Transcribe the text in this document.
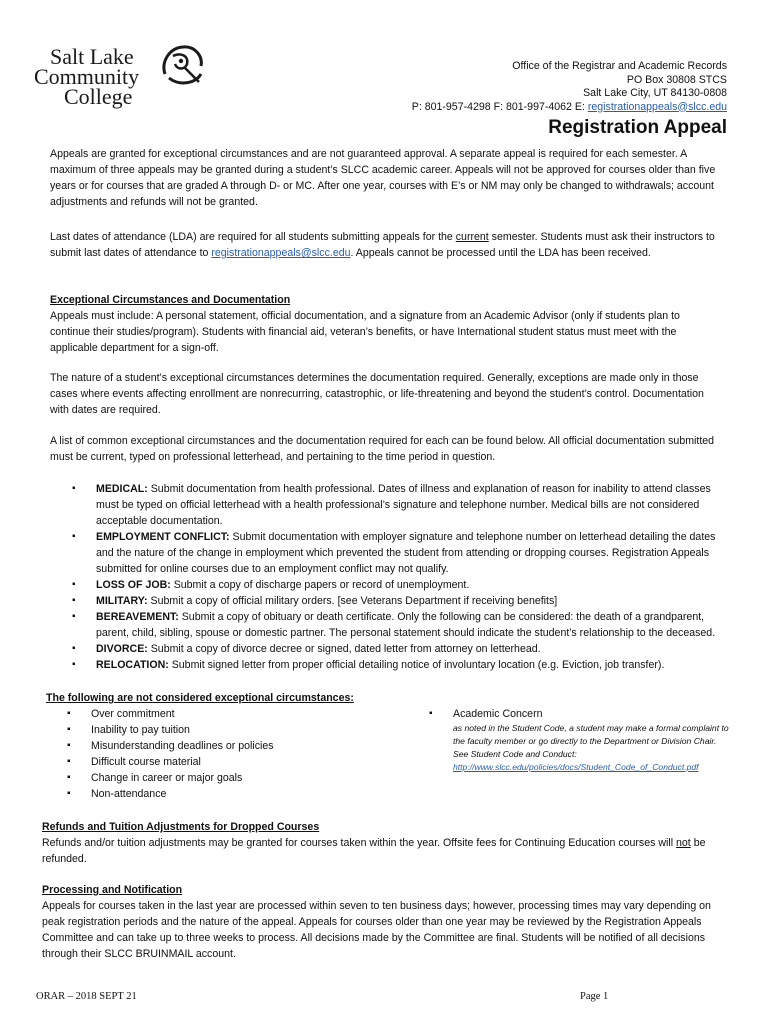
Salt Lake
Community
College
Office of the Registrar and Academic Records
PO Box 30808 STCS
Salt Lake City, UT 84130-0808
P: 801-957-4298 F: 801-997-4062 E: registrationappeals@slcc.edu
Registration Appeal
Appeals are granted for exceptional circumstances and are not guaranteed approval. A separate appeal is required for each semester. A maximum of three appeals may be granted during a student’s SLCC academic career. Appeals will not be approved for courses older than five years or for courses that are graded A through D- or MC. After one year, courses with E’s or NM may only be changed to withdrawals; account adjustments and refunds will not be granted.
Last dates of attendance (LDA) are required for all students submitting appeals for the current semester. Students must ask their instructors to submit last dates of attendance to registrationappeals@slcc.edu. Appeals cannot be processed until the LDA has been received.
Exceptional Circumstances and Documentation
Appeals must include: A personal statement, official documentation, and a signature from an Academic Advisor (only if students plan to continue their studies/program). Students with financial aid, veteran’s benefits, or have International student status must meet with the applicable department for a sign-off.
The nature of a student’s exceptional circumstances determines the documentation required. Generally, exceptions are made only in those cases where events affecting enrollment are nonrecurring, catastrophic, or life-threatening and beyond the student’s control. Documentation with dates are required.
A list of common exceptional circumstances and the documentation required for each can be found below. All official documentation submitted must be current, typed on professional letterhead, and pertaining to the time period in question.
▪ MEDICAL: Submit documentation from health professional. Dates of illness and explanation of reason for inability to attend classes must be typed on official letterhead with a health professional’s signature and telephone number. Medical bills are not considered acceptable documentation.
▪ EMPLOYMENT CONFLICT: Submit documentation with employer signature and telephone number on letterhead detailing the dates and the nature of the change in employment which prevented the student from attending or dropping courses. Registration Appeals submitted for online courses due to an employment conflict may not qualify.
▪ LOSS OF JOB: Submit a copy of discharge papers or record of unemployment.
▪ MILITARY: Submit a copy of official military orders. [see Veterans Department if receiving benefits]
▪ BEREAVEMENT: Submit a copy of obituary or death certificate. Only the following can be considered: the death of a grandparent, parent, child, sibling, spouse or domestic partner. The personal statement should indicate the student’s relationship to the deceased.
▪ DIVORCE: Submit a copy of divorce decree or signed, dated letter from attorney on letterhead.
▪ RELOCATION: Submit signed letter from proper official detailing notice of involuntary location (e.g. Eviction, job transfer).
The following are not considered exceptional circumstances:
▪ Over commitment
▪ Inability to pay tuition
▪ Misunderstanding deadlines or policies
▪ Difficult course material
▪ Change in career or major goals
▪ Non-attendance
▪ Academic Concern
as noted in the Student Code, a student may make a formal complaint to the faculty member or go directly to the Department or Division Chair. See Student Code and Conduct: http://www.slcc.edu/policies/docs/Student_Code_of_Conduct.pdf
Refunds and Tuition Adjustments for Dropped Courses
Refunds and/or tuition adjustments may be granted for courses taken within the year. Offsite fees for Continuing Education courses will not be refunded.
Processing and Notification
Appeals for courses taken in the last year are processed within seven to ten business days; however, processing times may vary depending on peak registration periods and the nature of the appeal. Appeals for courses older than one year may be reviewed by the Registration Appeals Committee and can take up to three weeks to process. All decisions made by the Committee are final. Students will be notified of all decisions through their SLCC BRUINMAIL account.
ORAR – 2018 SEPT 21	Page 1
